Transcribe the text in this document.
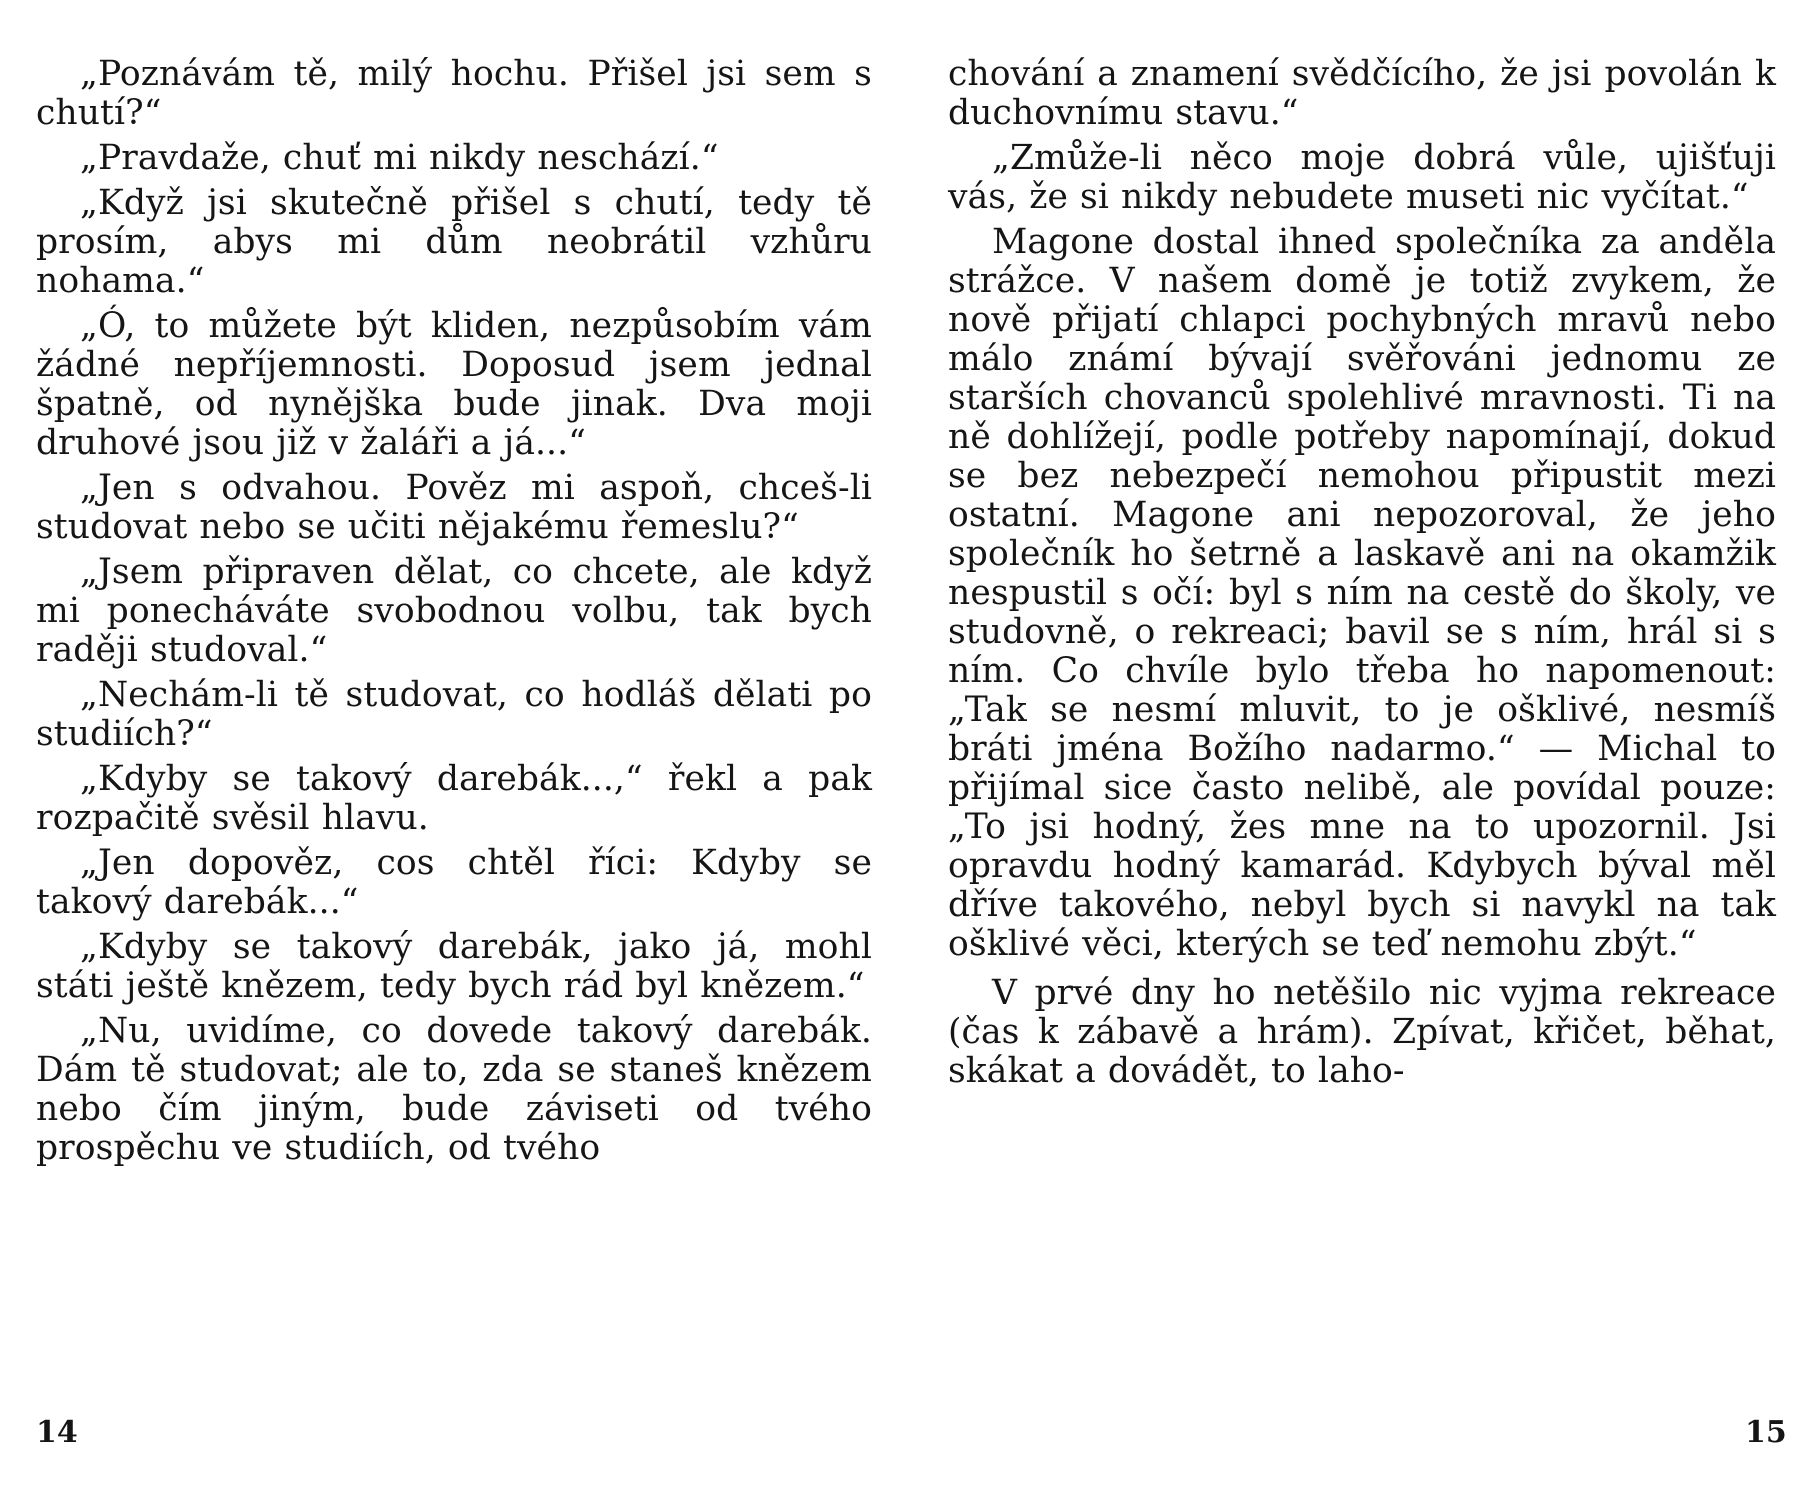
„Poznávám tě, milý hochu. Přišel jsi sem s chutí?“

„Pravdaže, chuť mi nikdy neschází.“

„Když jsi skutečně přišel s chutí, tedy tě prosím, abys mi dům neobrátil vzhůru nohama.“

„Ó, to můžete být kliden, nezpůsobím vám žádné nepříjemnosti. Doposud jsem jednal špatně, od nynějška bude jinak. Dva moji druhové jsou již v žaláři a já...“

„Jen s odvahou. Pověz mi aspoň, chceš-li studovat nebo se učiti nějakému řemeslu?“

„Jsem připraven dělat, co chcete, ale když mi ponecháváte svobodnou volbu, tak bych raději studoval.“

„Nechám-li tě studovat, co hodláš dělati po studiích?“

„Kdyby se takový darebák...,“ řekl a pak rozpačitě svěsil hlavu.

„Jen dopověz, cos chtěl říci: Kdyby se takový darebák...“

„Kdyby se takový darebák, jako já, mohl státi ještě knězem, tedy bych rád byl knězem.“

„Nu, uvidíme, co dovede takový darebák. Dám tě studovat; ale to, zda se staneš knězem nebo čím jiným, bude záviseti od tvého prospěchu ve studiích, od tvého

chování a znamení svědčícího, že jsi povolán k duchovnímu stavu.“

„Zmůže-li něco moje dobrá vůle, ujišťuji vás, že si nikdy nebudete museti nic vyčítat.“

Magone dostal ihned společníka za anděla strážce. V našem domě je totiž zvykem, že nově přijatí chlapci pochybných mravů nebo málo známí bývají svěřováni jednomu ze starších chovanců spolehlivé mravnosti. Ti na ně dohlížejí, podle potřeby napomínají, dokud se bez nebezpečí nemohou připustit mezi ostatní. Magone ani nepozoroval, že jeho společník ho šetrně a laskavě ani na okamžik nespustil s očí: byl s ním na cestě do školy, ve studovně, o rekreaci; bavil se s ním, hrál si s ním. Co chvíle bylo třeba ho napomenout: „Tak se nesmí mluvit, to je ošklivé, nesmíš bráti jména Božího nadarmo.“ — Michal to přijímal sice často nelibě, ale povídal pouze: „To jsi hodný, žes mne na to upozornil. Jsi opravdu hodný kamarád. Kdybych býval měl dříve takového, nebyl bych si navykl na tak ošklivé věci, kterých se teď nemohu zbýt.“

V prvé dny ho netěšilo nic vyjma rekreace (čas k zábavě a hrám). Zpívat, křičet, běhat, skákat a dovádět, to laho-

14	15
